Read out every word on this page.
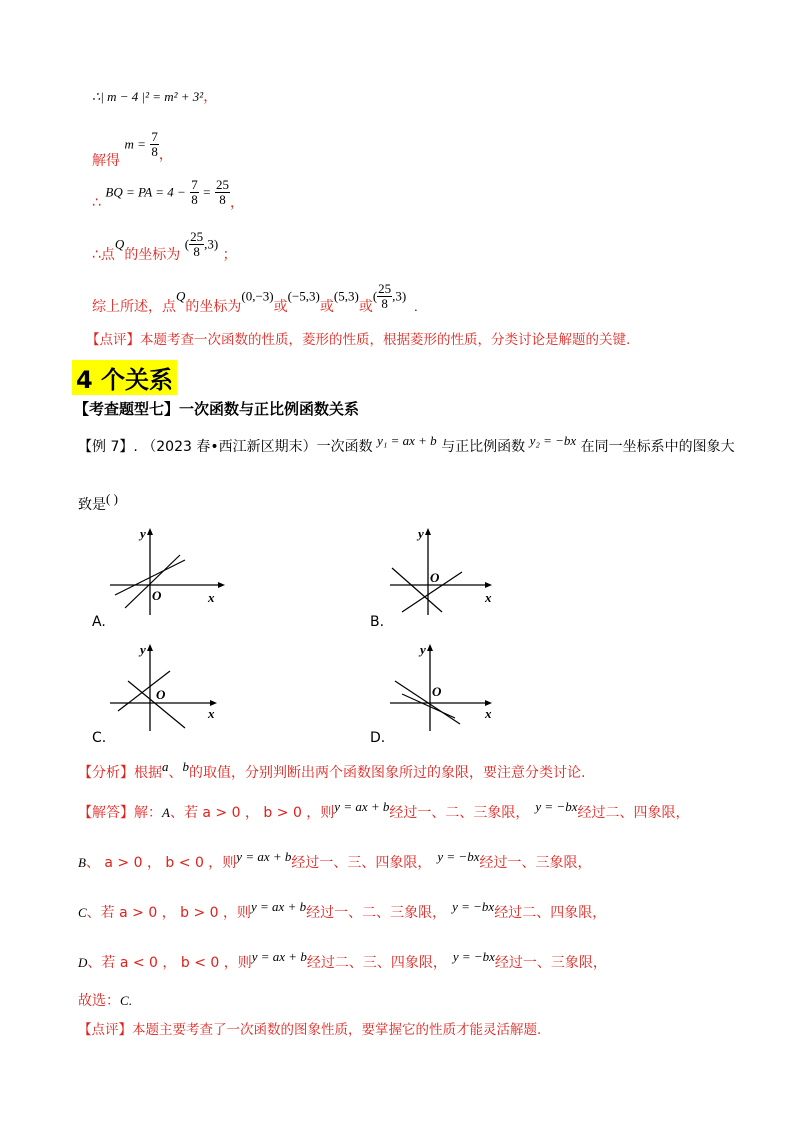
∴| m − 4 |² = m² + 3²，
解得 $m = \frac{7}{8}$ ，
∴ BQ = PA = $4 - \frac{7}{8} = \frac{25}{8}$ ，
∴点Q的坐标为 ( $\frac{25}{8} ,3$) ；
综上所述，点Q的坐标为(0,−3)或(−5,3)或(5,3)或( $\frac{25}{8} ,3$).
【点评】本题考查一次函数的性质，菱形的性质，根据菱形的性质，分类讨论是解题的关键.
4 个关系
【考查题型七】一次函数与正比例函数关系
【例 7】. （2023 春•西江新区期末）一次函数 y₁ = ax + b 与正比例函数 y₂ = −bx 在同一坐标系中的图象大
致是( )
x
y
O
A.
x
y
O
B.
x
y
O
C.
x
y
O
D.
【分析】根据a、b的取值，分别判断出两个函数图象所过的象限，要注意分类讨论.
【解答】解：A、若 a > 0 ， b > 0 ，则y = ax + b经过一、二、三象限， y = −bx经过二、四象限，
B、 a > 0 ， b < 0 ，则y = ax + b经过一、三、四象限， y = −bx经过一、三象限，
C、若 a > 0 ， b > 0 ，则y = ax + b经过一、二、三象限， y = −bx经过二、四象限，
D、若 a < 0 ， b < 0 ，则y = ax + b经过二、三、四象限， y = −bx经过一、三象限，
故选：C.
【点评】本题主要考查了一次函数的图象性质，要掌握它的性质才能灵活解题.
